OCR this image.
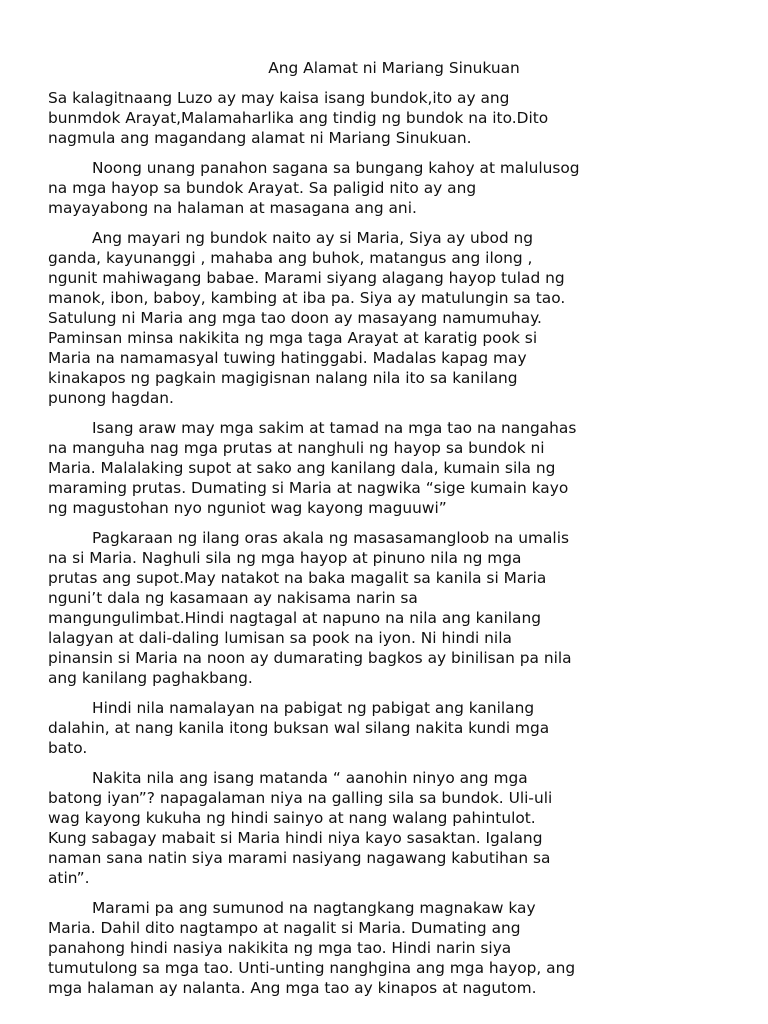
Ang Alamat ni Mariang Sinukuan
Sa kalagitnaang Luzo ay may kaisa isang bundok,ito ay ang
bunmdok Arayat,Malamaharlika ang tindig ng bundok na ito.Dito
nagmula ang magandang alamat ni Mariang Sinukuan.
Noong unang panahon sagana sa bungang kahoy at malulusog
na mga hayop sa bundok Arayat. Sa paligid nito ay ang
mayayabong na halaman at masagana ang ani.
Ang mayari ng bundok naito ay si Maria, Siya ay ubod ng
ganda, kayunanggi , mahaba ang buhok, matangus ang ilong ,
ngunit mahiwagang babae. Marami siyang alagang hayop tulad ng
manok, ibon, baboy, kambing at iba pa. Siya ay matulungin sa tao.
Satulung ni Maria ang mga tao doon ay masayang namumuhay.
Paminsan minsa nakikita ng mga taga Arayat at karatig pook si
Maria na namamasyal tuwing hatinggabi. Madalas kapag may
kinakapos ng pagkain magigisnan nalang nila ito sa kanilang
punong hagdan.
Isang araw may mga sakim at tamad na mga tao na nangahas
na manguha nag mga prutas at nanghuli ng hayop sa bundok ni
Maria. Malalaking supot at sako ang kanilang dala, kumain sila ng
maraming prutas. Dumating si Maria at nagwika “sige kumain kayo
ng magustohan nyo nguniot wag kayong maguuwi”
Pagkaraan ng ilang oras akala ng masasamangloob na umalis
na si Maria. Naghuli sila ng mga hayop at pinuno nila ng mga
prutas ang supot.May natakot na baka magalit sa kanila si Maria
nguni’t dala ng kasamaan ay nakisama narin sa
mangungulimbat.Hindi nagtagal at napuno na nila ang kanilang
lalagyan at dali-daling lumisan sa pook na iyon. Ni hindi nila
pinansin si Maria na noon ay dumarating bagkos ay binilisan pa nila
ang kanilang paghakbang.
Hindi nila namalayan na pabigat ng pabigat ang kanilang
dalahin, at nang kanila itong buksan wal silang nakita kundi mga
bato.
Nakita nila ang isang matanda “ aanohin ninyo ang mga
batong iyan”? napagalaman niya na galling sila sa bundok. Uli-uli
wag kayong kukuha ng hindi sainyo at nang walang pahintulot.
Kung sabagay mabait si Maria hindi niya kayo sasaktan. Igalang
naman sana natin siya marami nasiyang nagawang kabutihan sa
atin”.
Marami pa ang sumunod na nagtangkang magnakaw kay
Maria. Dahil dito nagtampo at nagalit si Maria. Dumating ang
panahong hindi nasiya nakikita ng mga tao. Hindi narin siya
tumutulong sa mga tao. Unti-unting nanghgina ang mga hayop, ang
mga halaman ay nalanta. Ang mga tao ay kinapos at nagutom.
